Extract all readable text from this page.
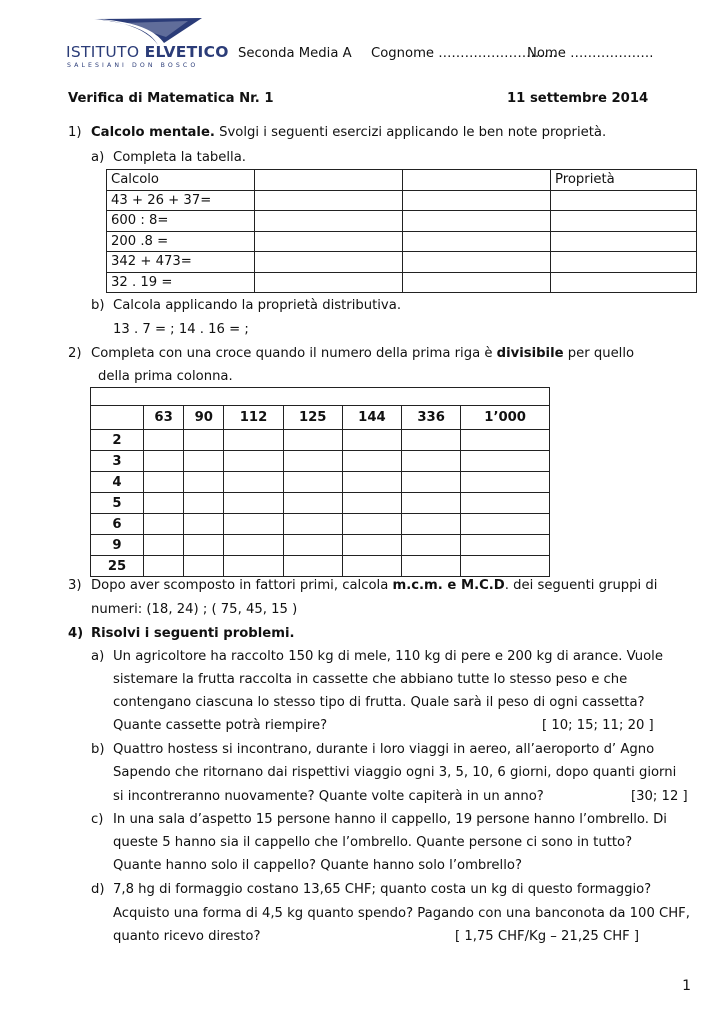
ISTITUTO ELVETICO
SALESIANI DON BOSCO
Seconda Media A Cognome ………………………
Nome ……………….
Verifica di Matematica Nr. 1	11 settembre 2014
1) Calcolo mentale. Svolgi i seguenti esercizi applicando le ben note proprietà.
a) Completa la tabella.
Calcolo			Proprietà
43 + 26 + 37=			
600 : 8=			
200 .8 =			
342 + 473=			
32 . 19 =			
b) Calcola applicando la proprietà distributiva.
13 . 7 = ; 14 . 16 = ;
2) Completa con una croce quando il numero della prima riga è divisibile per quello
della prima colonna.

	63	90	112	125	144	336	1’000
2							
3							
4							
5							
6							
9							
25							
3) Dopo aver scomposto in fattori primi, calcola m.c.m. e M.C.D. dei seguenti gruppi di
numeri: (18, 24) ; ( 75, 45, 15 )
4) Risolvi i seguenti problemi.
a) Un agricoltore ha raccolto 150 kg di mele, 110 kg di pere e 200 kg di arance. Vuole
sistemare la frutta raccolta in cassette che abbiano tutte lo stesso peso e che
contengano ciascuna lo stesso tipo di frutta. Quale sarà il peso di ogni cassetta?
Quante cassette potrà riempire?	[ 10; 15; 11; 20 ]
b) Quattro hostess si incontrano, durante i loro viaggi in aereo, all’aeroporto d’ Agno
Sapendo che ritornano dai rispettivi viaggio ogni 3, 5, 10, 6 giorni, dopo quanti giorni
si incontreranno nuovamente? Quante volte capiterà in un anno?	[30; 12 ]
c) In una sala d’aspetto 15 persone hanno il cappello, 19 persone hanno l’ombrello. Di
queste 5 hanno sia il cappello che l’ombrello. Quante persone ci sono in tutto?
Quante hanno solo il cappello? Quante hanno solo l’ombrello?
d) 7,8 hg di formaggio costano 13,65 CHF; quanto costa un kg di questo formaggio?
Acquisto una forma di 4,5 kg quanto spendo? Pagando con una banconota da 100 CHF,
quanto ricevo diresto?	[ 1,75 CHF/Kg – 21,25 CHF ]
1
